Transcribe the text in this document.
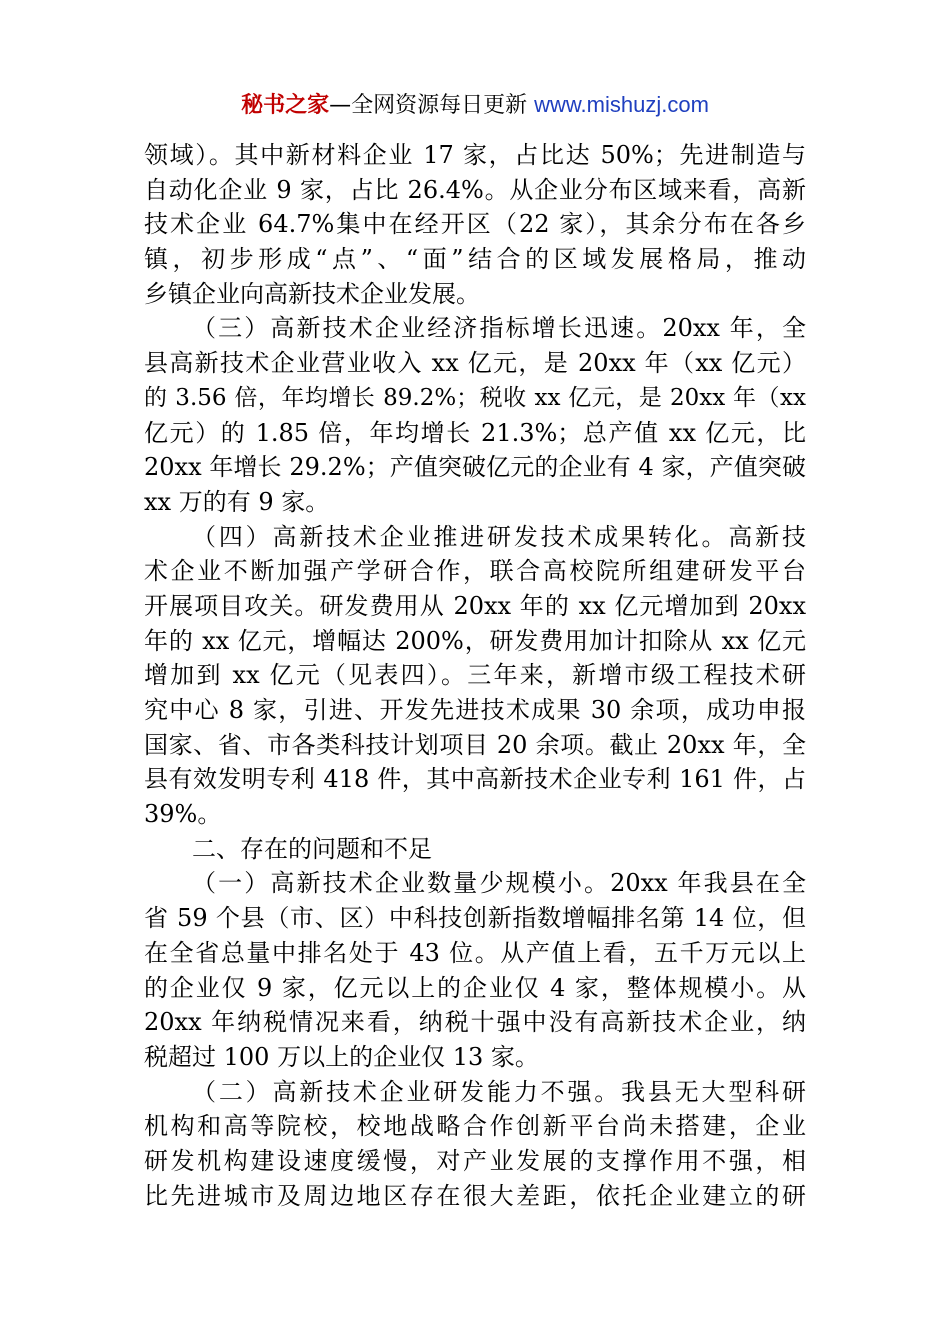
秘书之家—全网资源每日更新 www.mishuzj.com
领域）。其中新材料企业 17 家，占比达 50%；先进制造与
自动化企业 9 家，占比 26.4%。从企业分布区域来看，高新
技术企业 64.7%集中在经开区（22 家），其余分布在各乡
镇，初步形成“点”、“面”结合的区域发展格局，推动
乡镇企业向高新技术企业发展。
（三）高新技术企业经济指标增长迅速。20xx 年，全
县高新技术企业营业收入 xx 亿元，是 20xx 年（xx 亿元）
的 3.56 倍，年均增长 89.2%；税收 xx 亿元，是 20xx 年（xx
亿元）的 1.85 倍，年均增长 21.3%；总产值 xx 亿元，比
20xx 年增长 29.2%；产值突破亿元的企业有 4 家，产值突破
xx 万的有 9 家。
（四）高新技术企业推进研发技术成果转化。高新技
术企业不断加强产学研合作，联合高校院所组建研发平台
开展项目攻关。研发费用从 20xx 年的 xx 亿元增加到 20xx
年的 xx 亿元，增幅达 200%，研发费用加计扣除从 xx 亿元
增加到 xx 亿元（见表四）。三年来，新增市级工程技术研
究中心 8 家，引进、开发先进技术成果 30 余项，成功申报
国家、省、市各类科技计划项目 20 余项。截止 20xx 年，全
县有效发明专利 418 件，其中高新技术企业专利 161 件，占
39%。
二、存在的问题和不足
（一）高新技术企业数量少规模小。20xx 年我县在全
省 59 个县（市、区）中科技创新指数增幅排名第 14 位，但
在全省总量中排名处于 43 位。从产值上看，五千万元以上
的企业仅 9 家，亿元以上的企业仅 4 家，整体规模小。从
20xx 年纳税情况来看，纳税十强中没有高新技术企业，纳
税超过 100 万以上的企业仅 13 家。
（二）高新技术企业研发能力不强。我县无大型科研
机构和高等院校，校地战略合作创新平台尚未搭建，企业
研发机构建设速度缓慢，对产业发展的支撑作用不强，相
比先进城市及周边地区存在很大差距，依托企业建立的研
